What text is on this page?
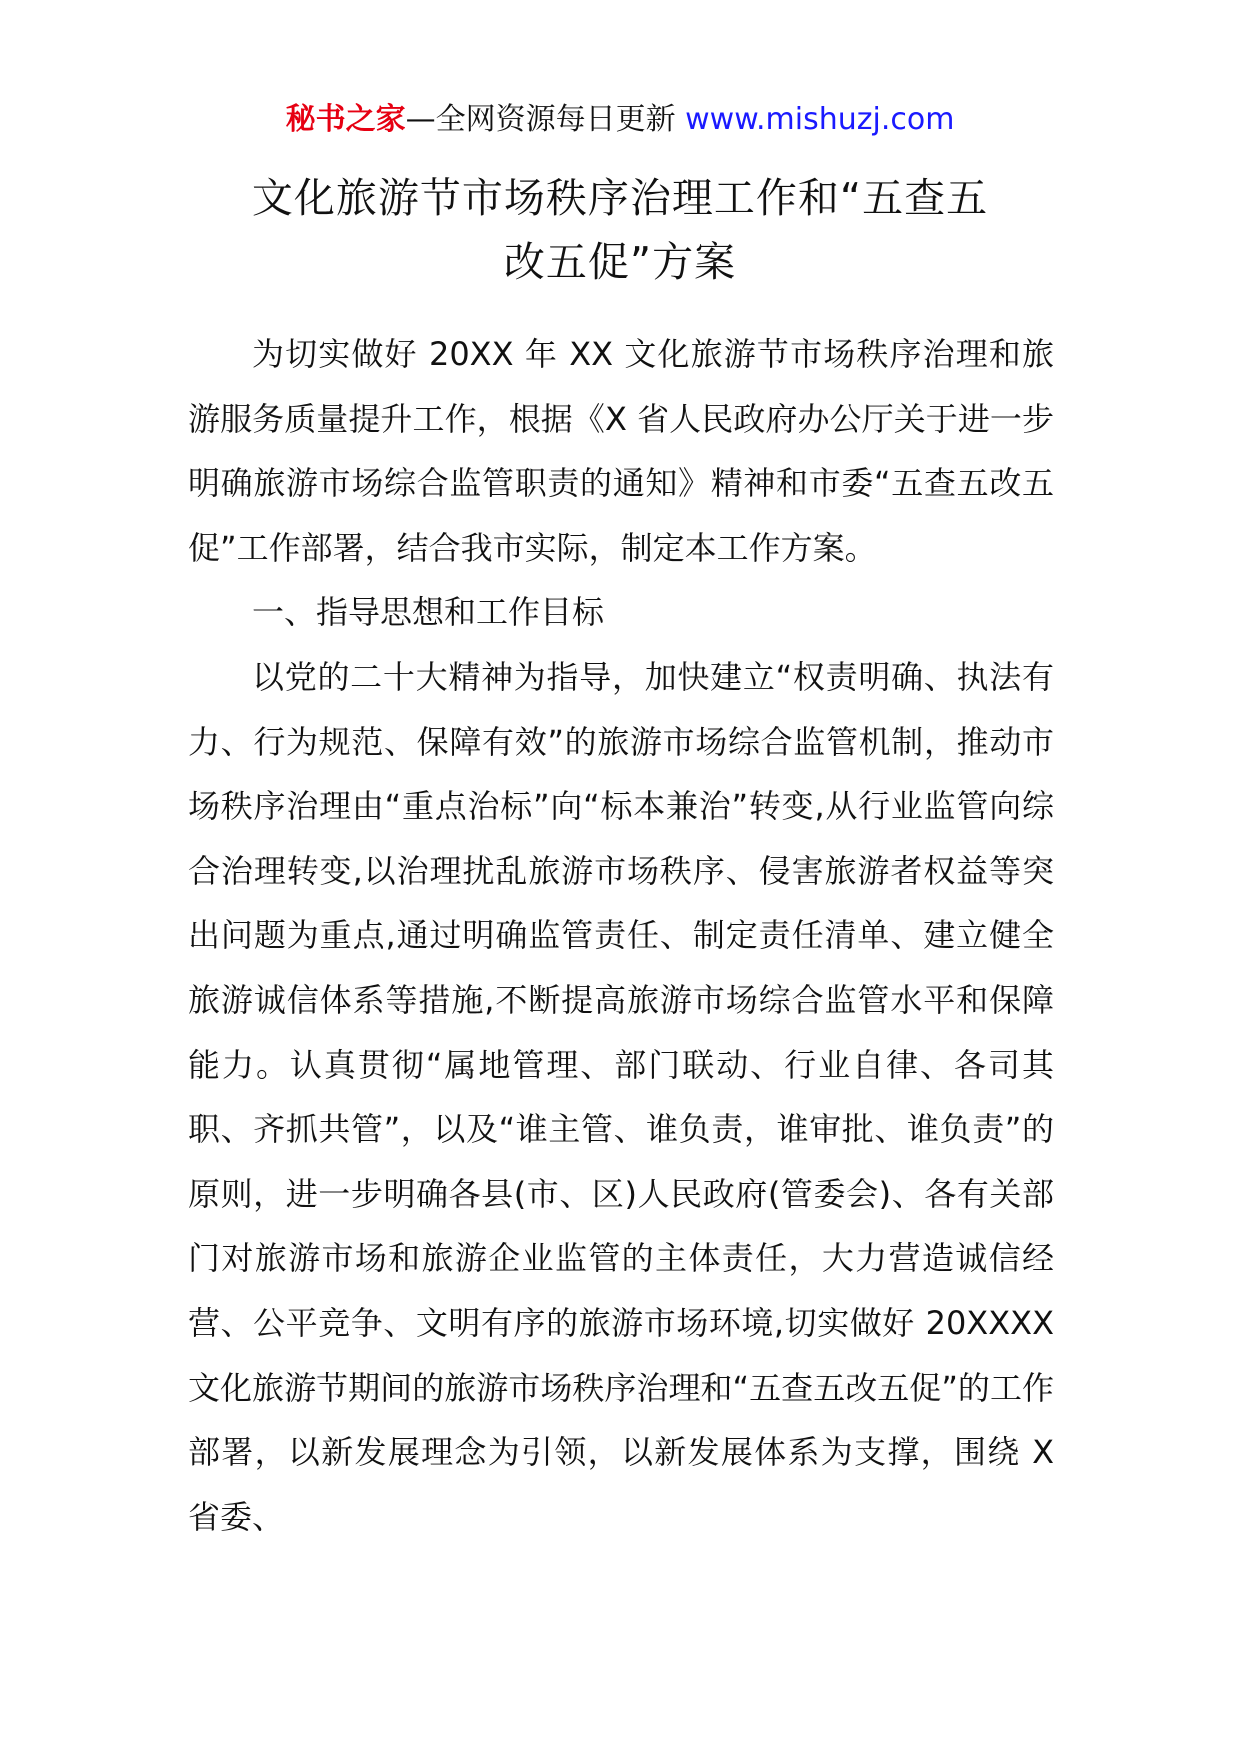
秘书之家—全网资源每日更新 www.mishuzj.com
文化旅游节市场秩序治理工作和“五查五
改五促”方案

为切实做好 20XX 年 XX 文化旅游节市场秩序治理和旅游服务质量提升工作，根据《X 省人民政府办公厅关于进一步明确旅游市场综合监管职责的通知》精神和市委“五查五改五促”工作部署，结合我市实际，制定本工作方案。

一、指导思想和工作目标

以党的二十大精神为指导，加快建立“权责明确、执法有力、行为规范、保障有效”的旅游市场综合监管机制，推动市场秩序治理由“重点治标”向“标本兼治”转变,从行业监管向综合治理转变,以治理扰乱旅游市场秩序、侵害旅游者权益等突出问题为重点,通过明确监管责任、制定责任清单、建立健全旅游诚信体系等措施,不断提高旅游市场综合监管水平和保障能力。认真贯彻“属地管理、部门联动、行业自律、各司其职、齐抓共管”，以及“谁主管、谁负责，谁审批、谁负责”的原则，进一步明确各县(市、区)人民政府(管委会)、各有关部门对旅游市场和旅游企业监管的主体责任，大力营造诚信经营、公平竞争、文明有序的旅游市场环境,切实做好 20XXXX 文化旅游节期间的旅游市场秩序治理和“五查五改五促”的工作部署，以新发展理念为引领，以新发展体系为支撑，围绕 X 省委、
